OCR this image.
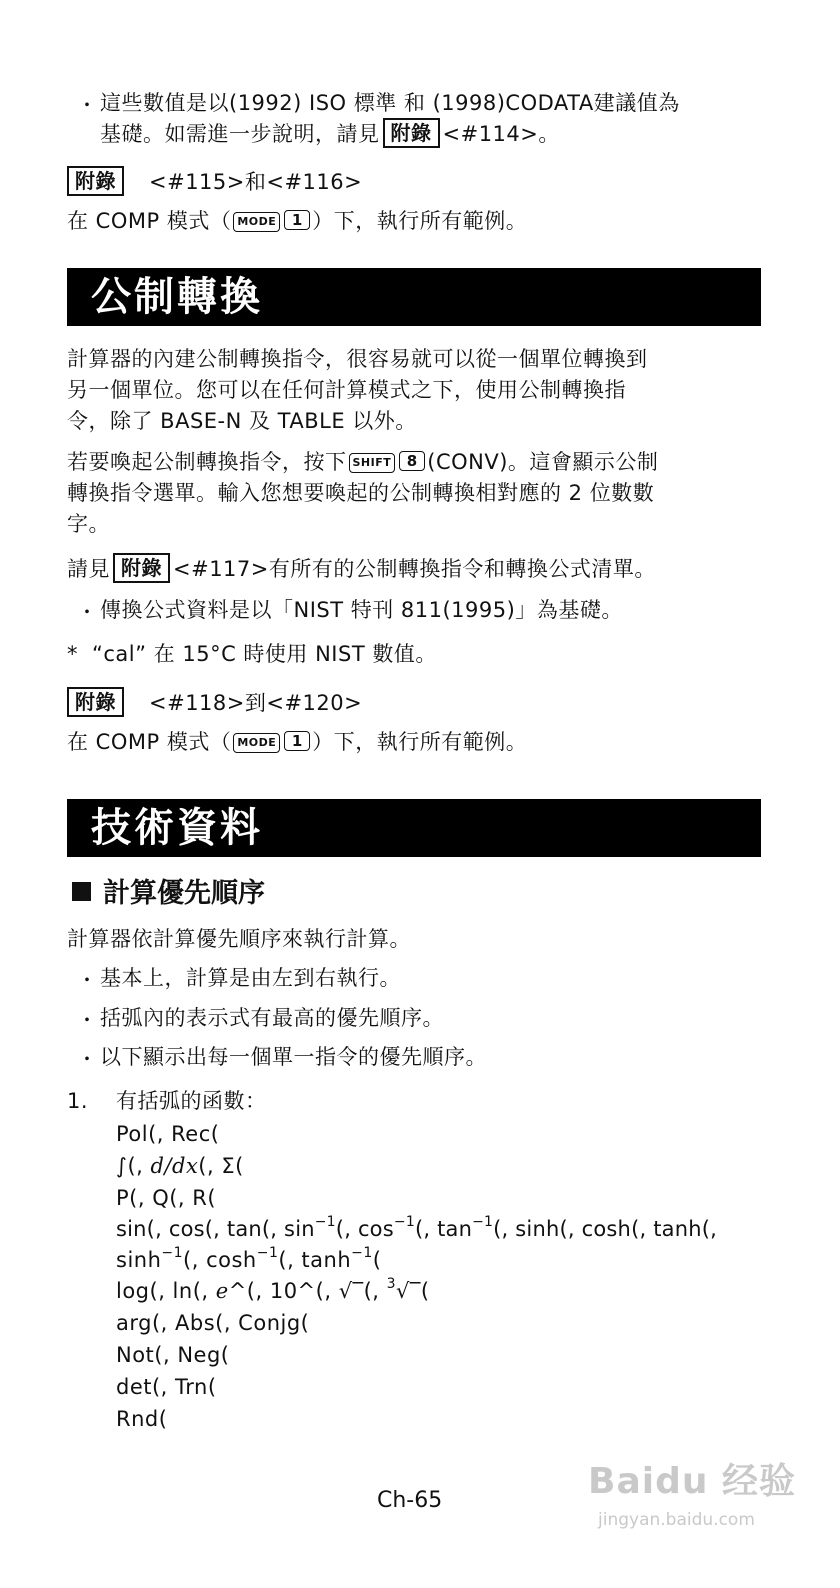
・ 這些數值是以(1992) ISO 標準 和 (1998)CODATA建議值為
基礎。如需進一步說明，請見 附錄 <#114>。
附錄 <#115>和<#116>
在 COMP 模式（ MODE 1 ）下，執行所有範例。
公制轉換
計算器的內建公制轉換指令，很容易就可以從一個單位轉換到
另一個單位。您可以在任何計算模式之下，使用公制轉換指
令，除了 BASE-N 及 TABLE 以外。
若要喚起公制轉換指令，按下 SHIFT 8 (CONV)。這會顯示公制
轉換指令選單。輸入您想要喚起的公制轉換相對應的 2 位數數
字。
請見 附錄 <#117>有所有的公制轉換指令和轉換公式清單。
・ 傳換公式資料是以「NIST 特刊 811(1995)」為基礎。
* “cal” 在 15°C 時使用 NIST 數值。
附錄 <#118>到<#120>
在 COMP 模式（ MODE 1 ）下，執行所有範例。
技術資料
計算優先順序
計算器依計算優先順序來執行計算。
・ 基本上，計算是由左到右執行。
・ 括弧內的表示式有最高的優先順序。
・ 以下顯示出每一個單一指令的優先順序。
1. 有括弧的函數：
Pol(, Rec(
∫(, d/dx(, Σ(
P(, Q(, R(
sin(, cos(, tan(, $\sin^{-1}$(, $\cos^{-1}$(, $\tan^{-1}$(, sinh(, cosh(, tanh(,
$\sinh^{-1}$(, $\cosh^{-1}$(, $\tanh^{-1}$(
log(, ln(, e^(, 10^(, √‾(, $^3$√‾(
arg(, Abs(, Conjg(
Not(, Neg(
det(, Trn(
Rnd(
Ch-65	Baidu 经验
jingyan.baidu.com
